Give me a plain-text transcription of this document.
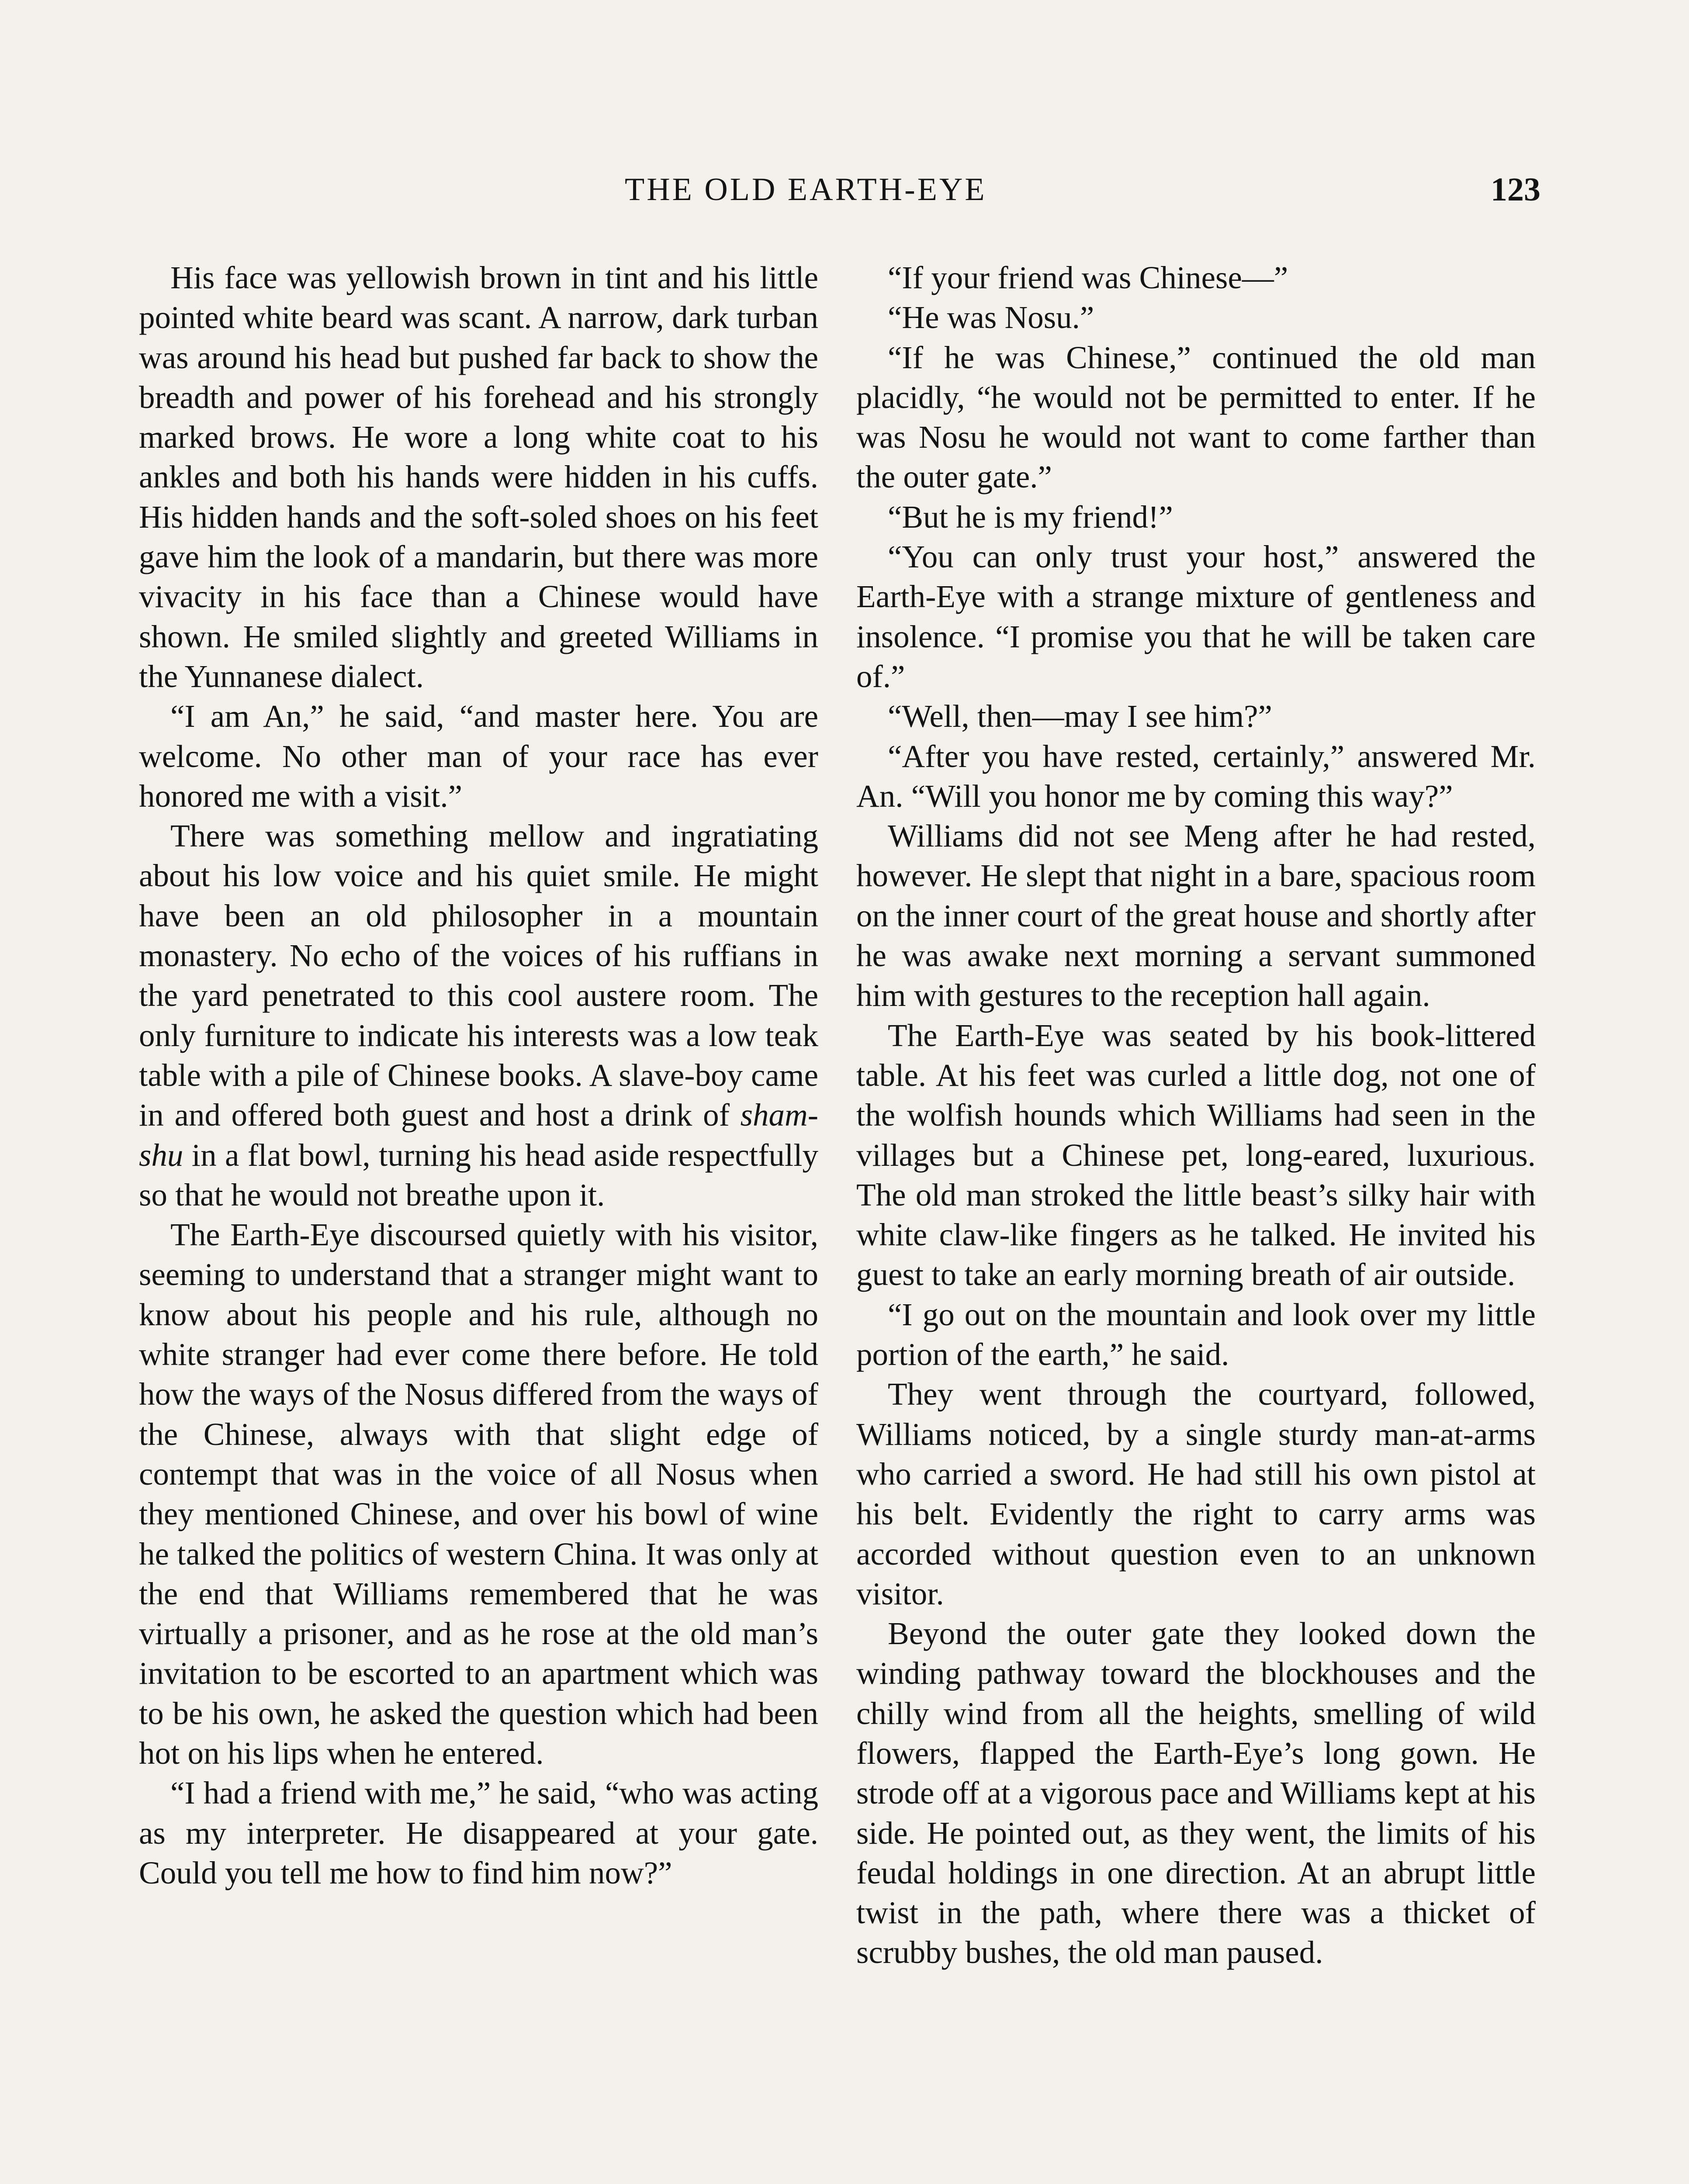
THE OLD EARTH-EYE	123

His face was yellowish brown in tint and his little pointed white beard was scant. A narrow, dark turban was around his head but pushed far back to show the breadth and power of his forehead and his strongly marked brows. He wore a long white coat to his ankles and both his hands were hidden in his cuffs. His hidden hands and the soft-soled shoes on his feet gave him the look of a mandarin, but there was more vivacity in his face than a Chinese would have shown. He smiled slightly and greeted Williams in the Yunnanese dialect.

“I am An,” he said, “and master here. You are welcome. No other man of your race has ever honored me with a visit.”

There was something mellow and ingratiating about his low voice and his quiet smile. He might have been an old philosopher in a mountain monastery. No echo of the voices of his ruffians in the yard penetrated to this cool austere room. The only furniture to indicate his interests was a low teak table with a pile of Chinese books. A slave-boy came in and offered both guest and host a drink of sham-shu in a flat bowl, turning his head aside respectfully so that he would not breathe upon it.

The Earth-Eye discoursed quietly with his visitor, seeming to understand that a stranger might want to know about his people and his rule, although no white stranger had ever come there before. He told how the ways of the Nosus differed from the ways of the Chinese, always with that slight edge of contempt that was in the voice of all Nosus when they mentioned Chinese, and over his bowl of wine he talked the politics of western China. It was only at the end that Williams remembered that he was virtually a prisoner, and as he rose at the old man’s invitation to be escorted to an apartment which was to be his own, he asked the question which had been hot on his lips when he entered.

“I had a friend with me,” he said, “who was acting as my interpreter. He disappeared at your gate. Could you tell me how to find him now?”

“If your friend was Chinese—”

“He was Nosu.”

“If he was Chinese,” continued the old man placidly, “he would not be permitted to enter. If he was Nosu he would not want to come farther than the outer gate.”

“But he is my friend!”

“You can only trust your host,” answered the Earth-Eye with a strange mixture of gentleness and insolence. “I promise you that he will be taken care of.”

“Well, then—may I see him?”

“After you have rested, certainly,” answered Mr. An. “Will you honor me by coming this way?”

Williams did not see Meng after he had rested, however. He slept that night in a bare, spacious room on the inner court of the great house and shortly after he was awake next morning a servant summoned him with gestures to the reception hall again.

The Earth-Eye was seated by his book-littered table. At his feet was curled a little dog, not one of the wolfish hounds which Williams had seen in the villages but a Chinese pet, long-eared, luxurious. The old man stroked the little beast’s silky hair with white claw-like fingers as he talked. He invited his guest to take an early morning breath of air outside.

“I go out on the mountain and look over my little portion of the earth,” he said.

They went through the courtyard, followed, Williams noticed, by a single sturdy man-at-arms who carried a sword. He had still his own pistol at his belt. Evidently the right to carry arms was accorded without question even to an unknown visitor.

Beyond the outer gate they looked down the winding pathway toward the blockhouses and the chilly wind from all the heights, smelling of wild flowers, flapped the Earth-Eye’s long gown. He strode off at a vigorous pace and Williams kept at his side. He pointed out, as they went, the limits of his feudal holdings in one direction. At an abrupt little twist in the path, where there was a thicket of scrubby bushes, the old man paused.
